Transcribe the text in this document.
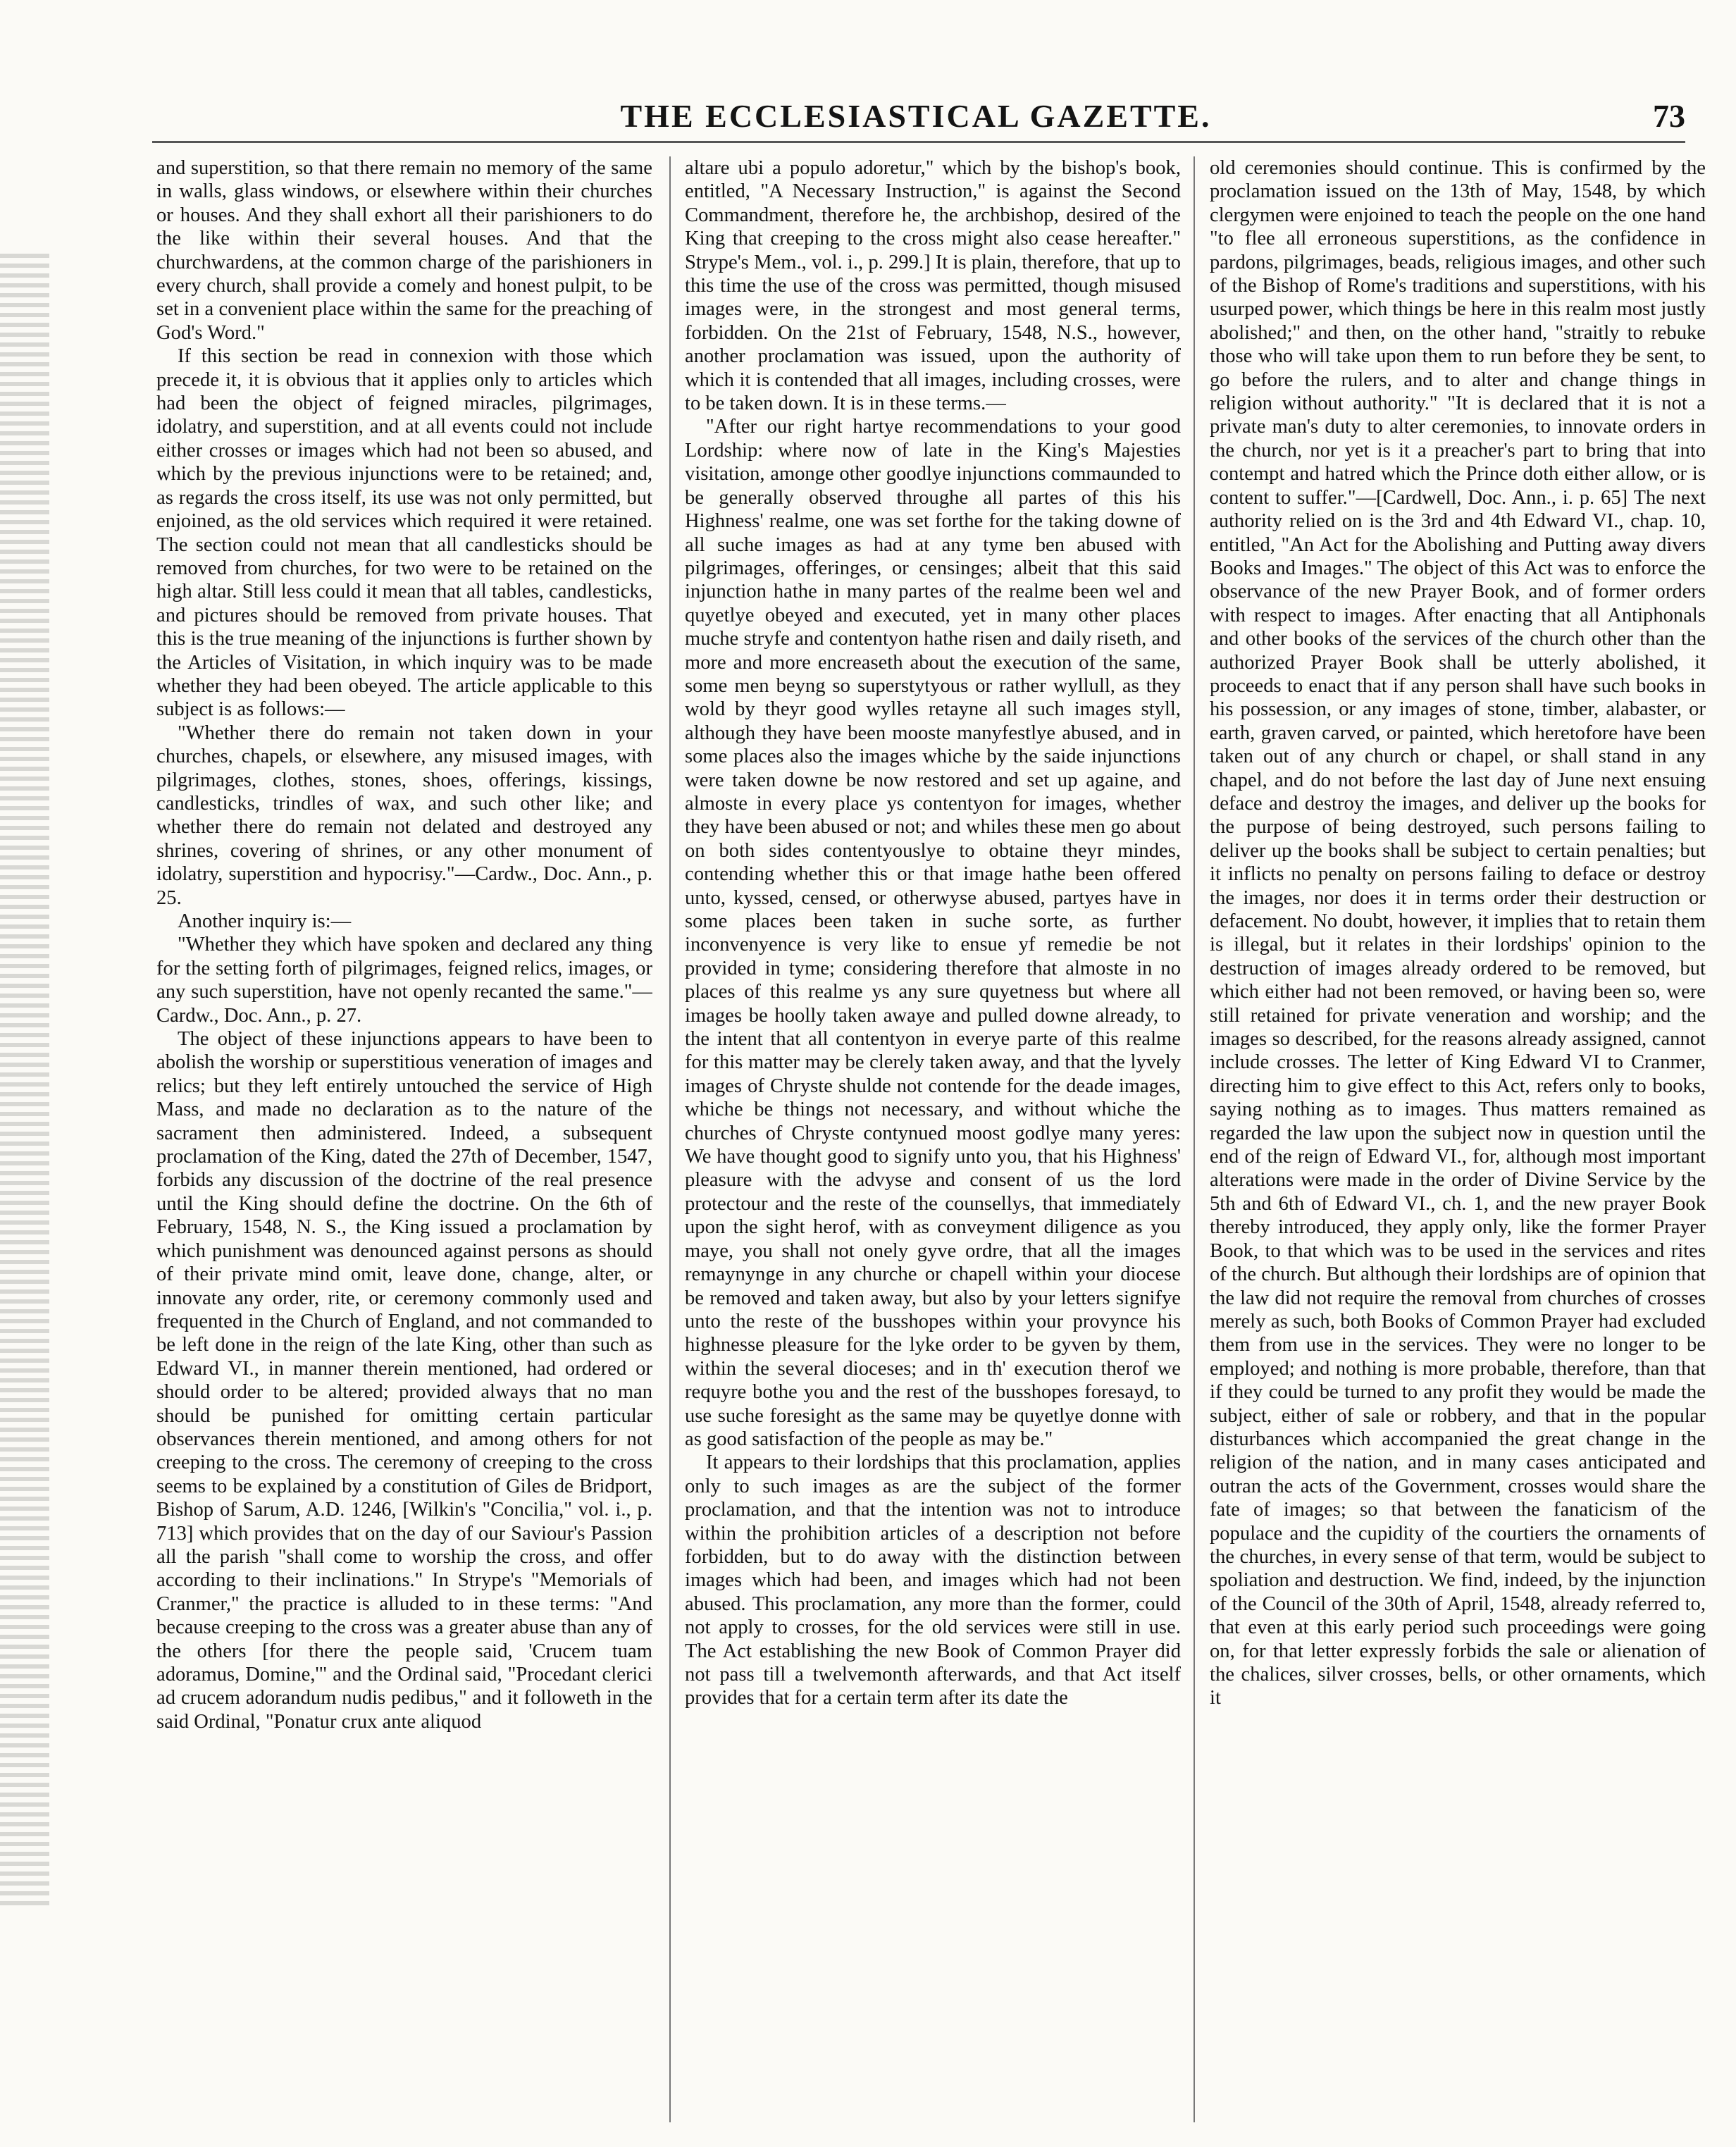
THE ECCLESIASTICAL GAZETTE.	73

and superstition, so that there remain no memory of the same in walls, glass windows, or elsewhere within their churches or houses. And they shall exhort all their parishioners to do the like within their several houses. And that the churchwardens, at the common charge of the parishioners in every church, shall provide a comely and honest pulpit, to be set in a convenient place within the same for the preaching of God's Word."

If this section be read in connexion with those which precede it, it is obvious that it applies only to articles which had been the object of feigned miracles, pilgrimages, idolatry, and superstition, and at all events could not include either crosses or images which had not been so abused, and which by the previous injunctions were to be retained; and, as regards the cross itself, its use was not only permitted, but enjoined, as the old services which required it were retained. The section could not mean that all candlesticks should be removed from churches, for two were to be retained on the high altar. Still less could it mean that all tables, candlesticks, and pictures should be removed from private houses. That this is the true meaning of the injunctions is further shown by the Articles of Visitation, in which inquiry was to be made whether they had been obeyed. The article applicable to this subject is as follows:—

"Whether there do remain not taken down in your churches, chapels, or elsewhere, any misused images, with pilgrimages, clothes, stones, shoes, offerings, kissings, candlesticks, trindles of wax, and such other like; and whether there do remain not delated and destroyed any shrines, covering of shrines, or any other monument of idolatry, superstition and hypocrisy."—Cardw., Doc. Ann., p. 25.

Another inquiry is:—

"Whether they which have spoken and declared any thing for the setting forth of pilgrimages, feigned relics, images, or any such superstition, have not openly recanted the same."—Cardw., Doc. Ann., p. 27.

The object of these injunctions appears to have been to abolish the worship or superstitious veneration of images and relics; but they left entirely untouched the service of High Mass, and made no declaration as to the nature of the sacrament then administered. Indeed, a subsequent proclamation of the King, dated the 27th of December, 1547, forbids any discussion of the doctrine of the real presence until the King should define the doctrine. On the 6th of February, 1548, N. S., the King issued a proclamation by which punishment was denounced against persons as should of their private mind omit, leave done, change, alter, or innovate any order, rite, or ceremony commonly used and frequented in the Church of England, and not commanded to be left done in the reign of the late King, other than such as Edward VI., in manner therein mentioned, had ordered or should order to be altered; provided always that no man should be punished for omitting certain particular observances therein mentioned, and among others for not creeping to the cross. The ceremony of creeping to the cross seems to be explained by a constitution of Giles de Bridport, Bishop of Sarum, A.D. 1246, [Wilkin's "Concilia," vol. i., p. 713] which provides that on the day of our Saviour's Passion all the parish "shall come to worship the cross, and offer according to their inclinations." In Strype's "Memorials of Cranmer," the practice is alluded to in these terms: "And because creeping to the cross was a greater abuse than any of the others [for there the people said, 'Crucem tuam adoramus, Domine,'" and the Ordinal said, "Procedant clerici ad crucem adorandum nudis pedibus," and it followeth in the said Ordinal, "Ponatur crux ante aliquod

altare ubi a populo adoretur," which by the bishop's book, entitled, "A Necessary Instruction," is against the Second Commandment, therefore he, the archbishop, desired of the King that creeping to the cross might also cease hereafter." Strype's Mem., vol. i., p. 299.] It is plain, therefore, that up to this time the use of the cross was permitted, though misused images were, in the strongest and most general terms, forbidden. On the 21st of February, 1548, N.S., however, another proclamation was issued, upon the authority of which it is contended that all images, including crosses, were to be taken down. It is in these terms.—

"After our right hartye recommendations to your good Lordship: where now of late in the King's Majesties visitation, amonge other goodlye injunctions commaunded to be generally observed throughe all partes of this his Highness' realme, one was set forthe for the taking downe of all suche images as had at any tyme ben abused with pilgrimages, offeringes, or censinges; albeit that this said injunction hathe in many partes of the realme been wel and quyetlye obeyed and executed, yet in many other places muche stryfe and contentyon hathe risen and daily riseth, and more and more encreaseth about the execution of the same, some men beyng so superstytyous or rather wyllull, as they wold by theyr good wylles retayne all such images styll, although they have been mooste manyfestlye abused, and in some places also the images whiche by the saide injunctions were taken downe be now restored and set up againe, and almoste in every place ys contentyon for images, whether they have been abused or not; and whiles these men go about on both sides contentyouslye to obtaine theyr mindes, contending whether this or that image hathe been offered unto, kyssed, censed, or otherwyse abused, partyes have in some places been taken in suche sorte, as further inconvenyence is very like to ensue yf remedie be not provided in tyme; considering therefore that almoste in no places of this realme ys any sure quyetness but where all images be hoolly taken awaye and pulled downe already, to the intent that all contentyon in everye parte of this realme for this matter may be clerely taken away, and that the lyvely images of Chryste shulde not contende for the deade images, whiche be things not necessary, and without whiche the churches of Chryste contynued moost godlye many yeres: We have thought good to signify unto you, that his Highness' pleasure with the advyse and consent of us the lord protectour and the reste of the counsellys, that immediately upon the sight herof, with as conveyment diligence as you maye, you shall not onely gyve ordre, that all the images remaynynge in any churche or chapell within your diocese be removed and taken away, but also by your letters signifye unto the reste of the busshopes within your provynce his highnesse pleasure for the lyke order to be gyven by them, within the several dioceses; and in th' execution therof we requyre bothe you and the rest of the busshopes foresayd, to use suche foresight as the same may be quyetlye donne with as good satisfaction of the people as may be."

It appears to their lordships that this proclamation, applies only to such images as are the subject of the former proclamation, and that the intention was not to introduce within the prohibition articles of a description not before forbidden, but to do away with the distinction between images which had been, and images which had not been abused. This proclamation, any more than the former, could not apply to crosses, for the old services were still in use. The Act establishing the new Book of Common Prayer did not pass till a twelvemonth afterwards, and that Act itself provides that for a certain term after its date the

old ceremonies should continue. This is confirmed by the proclamation issued on the 13th of May, 1548, by which clergymen were enjoined to teach the people on the one hand "to flee all erroneous superstitions, as the confidence in pardons, pilgrimages, beads, religious images, and other such of the Bishop of Rome's traditions and superstitions, with his usurped power, which things be here in this realm most justly abolished;" and then, on the other hand, "straitly to rebuke those who will take upon them to run before they be sent, to go before the rulers, and to alter and change things in religion without authority." "It is declared that it is not a private man's duty to alter ceremonies, to innovate orders in the church, nor yet is it a preacher's part to bring that into contempt and hatred which the Prince doth either allow, or is content to suffer."—[Cardwell, Doc. Ann., i. p. 65] The next authority relied on is the 3rd and 4th Edward VI., chap. 10, entitled, "An Act for the Abolishing and Putting away divers Books and Images." The object of this Act was to enforce the observance of the new Prayer Book, and of former orders with respect to images. After enacting that all Antiphonals and other books of the services of the church other than the authorized Prayer Book shall be utterly abolished, it proceeds to enact that if any person shall have such books in his possession, or any images of stone, timber, alabaster, or earth, graven carved, or painted, which heretofore have been taken out of any church or chapel, or shall stand in any chapel, and do not before the last day of June next ensuing deface and destroy the images, and deliver up the books for the purpose of being destroyed, such persons failing to deliver up the books shall be subject to certain penalties; but it inflicts no penalty on persons failing to deface or destroy the images, nor does it in terms order their destruction or defacement. No doubt, however, it implies that to retain them is illegal, but it relates in their lordships' opinion to the destruction of images already ordered to be removed, but which either had not been removed, or having been so, were still retained for private veneration and worship; and the images so described, for the reasons already assigned, cannot include crosses. The letter of King Edward VI to Cranmer, directing him to give effect to this Act, refers only to books, saying nothing as to images. Thus matters remained as regarded the law upon the subject now in question until the end of the reign of Edward VI., for, although most important alterations were made in the order of Divine Service by the 5th and 6th of Edward VI., ch. 1, and the new prayer Book thereby introduced, they apply only, like the former Prayer Book, to that which was to be used in the services and rites of the church. But although their lordships are of opinion that the law did not require the removal from churches of crosses merely as such, both Books of Common Prayer had excluded them from use in the services. They were no longer to be employed; and nothing is more probable, therefore, than that if they could be turned to any profit they would be made the subject, either of sale or robbery, and that in the popular disturbances which accompanied the great change in the religion of the nation, and in many cases anticipated and outran the acts of the Government, crosses would share the fate of images; so that between the fanaticism of the populace and the cupidity of the courtiers the ornaments of the churches, in every sense of that term, would be subject to spoliation and destruction. We find, indeed, by the injunction of the Council of the 30th of April, 1548, already referred to, that even at this early period such proceedings were going on, for that letter expressly forbids the sale or alienation of the chalices, silver crosses, bells, or other ornaments, which it
